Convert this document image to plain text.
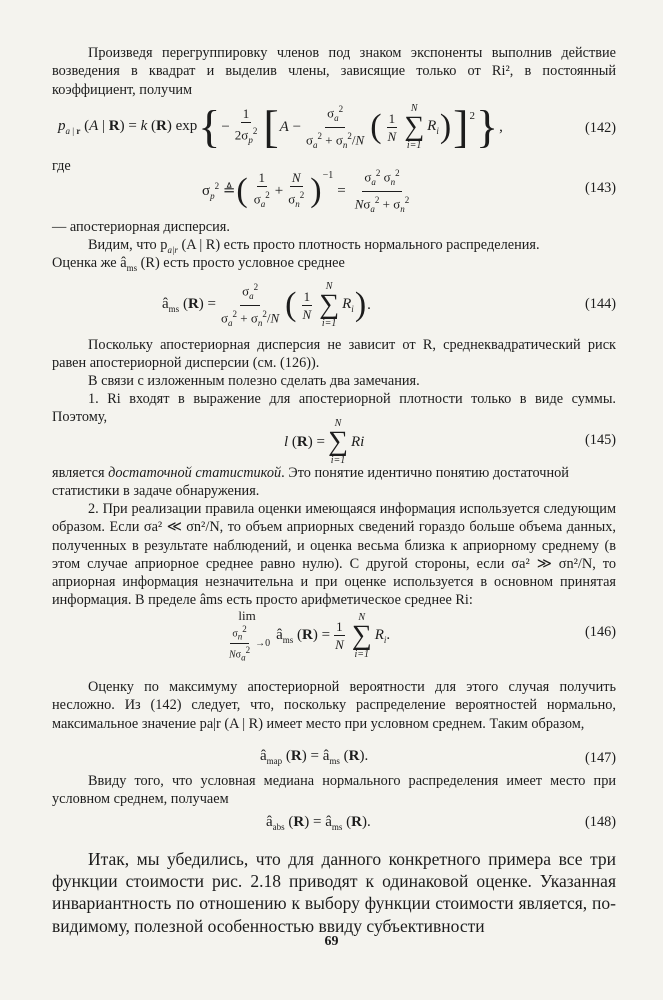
Произведя перегруппировку членов под знаком экспоненты выполнив действие возведения в квадрат и выделив члены, зависящие только от Ri², в постоянный коэффициент, получим

$p_{a | r}$ (A | R) = k (R) exp { − $\frac{1}{2\sigma_p^2}$ [ $A - \frac{\sigma_a^2}{\sigma_a^2 + \sigma_n^2/N}$ ( 1
N
N
∑
i=1
$R_i$ ) ]$^2$ } ,	(142)

где

$\sigma_p^2$ ≜ ( 1
$\sigma_a^2 + \frac{N}{\sigma_n^2} )^{-1}$
=
$\sigma_a^2$ $\sigma_n^2$
$N\sigma_a^2 + \sigma_n^2$
(143)

— апостериорная дисперсия.

Видим, что $p_{a|r}$ (A | R) есть просто плотность нормального распределения.

Оценка же $â_{ms}$ (R) есть просто условное среднее

$â_{ms}$ $(R) = \frac{\sigma_a^2}{\sigma_a^2 + \sigma_n^2/N}$ ( 1
N
N
∑
i=1
$R_i$ ) .	(144)

Поскольку апостериорная дисперсия не зависит от R, среднеквадратический риск равен апостериорной дисперсии (см. (126)).

В связи с изложенным полезно сделать два замечания.

1. Ri входят в выражение для апостериорной плотности только в виде суммы. Поэтому,

l (R) =
N
∑
i=1
Ri	(145)

является достаточной статистикой. Это понятие идентично понятию достаточной статистики в задаче обнаружения.

2. При реализации правила оценки имеющаяся информация используется следующим образом. Если σa² ≪ σn²/N, то объем априорных сведений гораздо больше объема данных, полученных в результате наблюдений, и оценка весьма близка к априорному среднему (в этом случае априорное среднее равно нулю). С другой стороны, если σa² ≫ σn²/N, то априорная информация незначительна и при оценке используется в основном принятая информация. В пределе âms есть просто арифметическое среднее Ri:

lim
$\sigma_n^2$
$N\sigma_a^2$
→0
$â_{ms}$ $(R) = \frac{1}{N}$
N
∑
i=1
$R_i$.	(146)

Оценку по максимуму апостериорной вероятности для этого случая получить несложно. Из (142) следует, что, поскольку распределение вероятностей нормально, максимальное значение pa|r (A | R) имеет место при условном среднем. Таким образом,

$â_{map}$ $(R) = â_{ms}$ (R).	(147)

Ввиду того, что условная медиана нормального распределения имеет место при условном среднем, получаем

$â_{abs}$ $(R) = â_{ms}$ (R).	(148)

Итак, мы убедились, что для данного конкретного примера все три функции стоимости рис. 2.18 приводят к одинаковой оценке. Указанная инвариантность по отношению к выбору функции стоимости является, по-видимому, полезной особенностью ввиду субъективности

69
